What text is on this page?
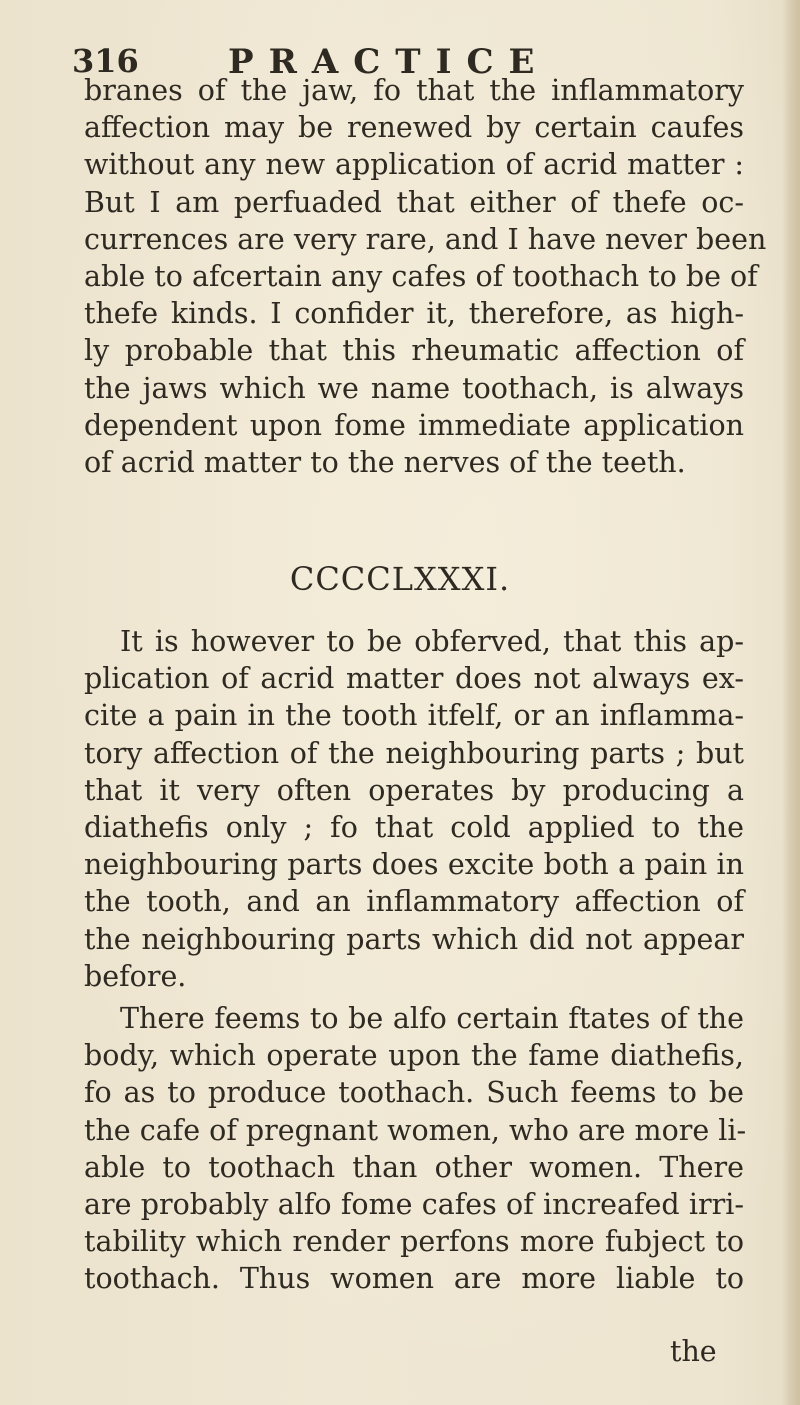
316	PRACTICE
branes of the jaw, fo that the inflammatory
affection may be renewed by certain caufes
without any new application of acrid matter :
But I am perfuaded that either of thefe oc-
currences are very rare, and I have never been
able to afcertain any cafes of toothach to be of
thefe kinds. I confider it, therefore, as high-
ly probable that this rheumatic affection of
the jaws which we name toothach, is always
dependent upon fome immediate application
of acrid matter to the nerves of the teeth.
CCCCLXXXI.
It is however to be obferved, that this ap-
plication of acrid matter does not always ex-
cite a pain in the tooth itfelf, or an inflamma-
tory affection of the neighbouring parts ; but
that it very often operates by producing a
diathefis only ; fo that cold applied to the
neighbouring parts does excite both a pain in
the tooth, and an inflammatory affection of
the neighbouring parts which did not appear
before.
There feems to be alfo certain ftates of the
body, which operate upon the fame diathefis,
fo as to produce toothach. Such feems to be
the cafe of pregnant women, who are more li-
able to toothach than other women. There
are probably alfo fome cafes of increafed irri-
tability which render perfons more fubject to
toothach. Thus women are more liable to
the
